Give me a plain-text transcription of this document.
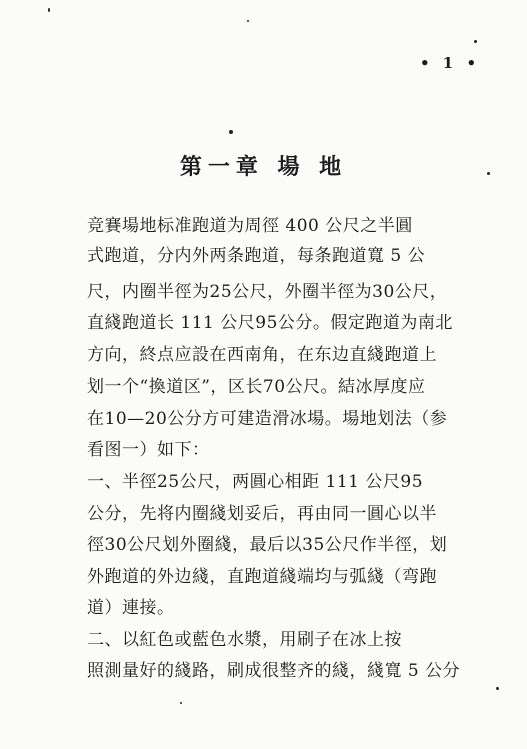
• 1 •
第一章 場 地
竞賽場地标准跑道为周徑 400 公尺之半圓
式跑道，分内外两条跑道，每条跑道寬 5 公
尺，内圈半徑为25公尺，外圈半徑为30公尺，
直綫跑道长 111 公尺95公分。假定跑道为南北
方向，終点应設在西南角，在东边直綫跑道上
划一个“換道区”，区长70公尺。結冰厚度应
在10—20公分方可建造滑冰場。場地划法（参
看图一）如下：
一、半徑25公尺，两圓心相距 111 公尺95
公分，先将内圈綫划妥后，再由同一圓心以半
徑30公尺划外圈綫，最后以35公尺作半徑，划
外跑道的外边綫，直跑道綫端均与弧綫（弯跑
道）連接。
二、以紅色或藍色水漿，用刷子在冰上按
照測量好的綫路，刷成很整齐的綫，綫寬 5 公分
